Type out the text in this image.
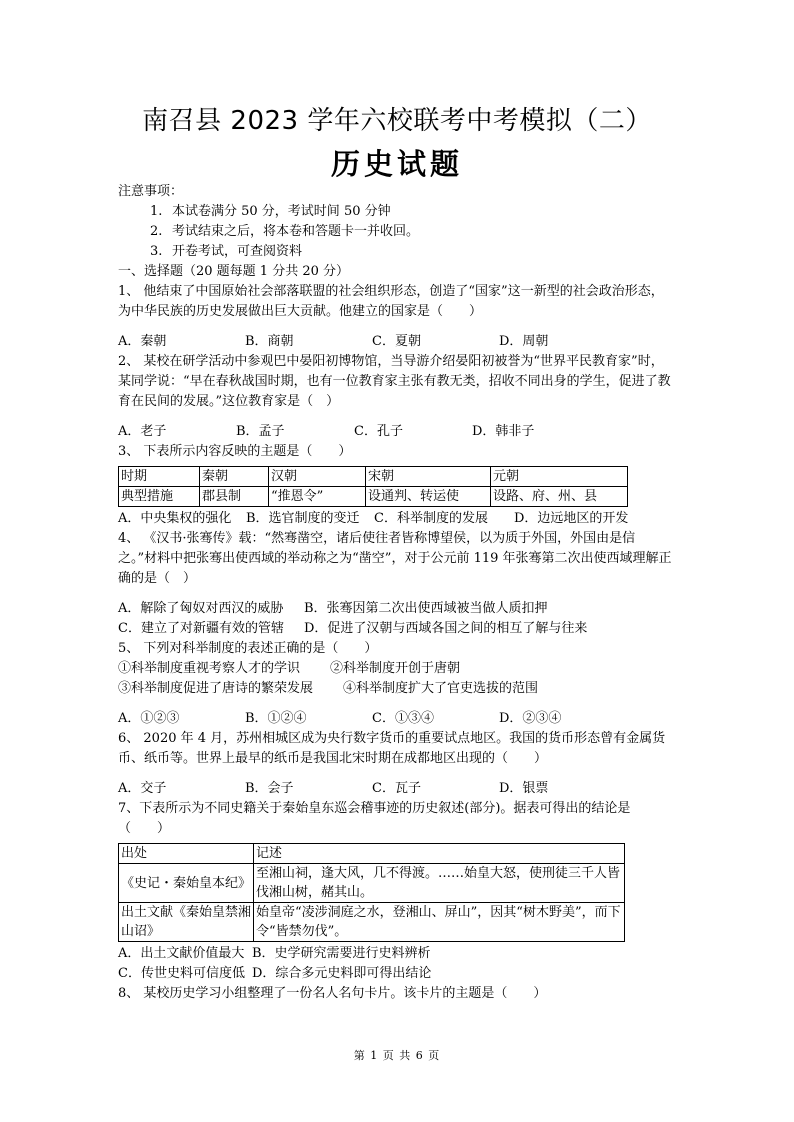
南召县 2023 学年六校联考中考模拟（二）
历史试题

注意事项：

1. 本试卷满分 50 分，考试时间 50 分钟

2. 考试结束之后，将本卷和答题卡一并收回。

3. 开卷考试，可查阅资料

一、选择题（20 题每题 1 分共 20 分）

1、 他结束了中国原始社会部落联盟的社会组织形态，创造了“国家”这一新型的社会政治形态，为中华民族的历史发展做出巨大贡献。他建立的国家是（　　）

A．秦朝	B．商朝	C．夏朝	D．周朝

2、 某校在研学活动中参观巴中晏阳初博物馆，当导游介绍晏阳初被誉为“世界平民教育家”时，某同学说：“早在春秋战国时期，也有一位教育家主张有教无类，招收不同出身的学生，促进了教育在民间的发展。”这位教育家是（　）

A．老子	B．孟子	C．孔子	D．韩非子

3、 下表所示内容反映的主题是（　　）

时期	秦朝	汉朝	宋朝	元朝
典型措施	郡县制	“推恩令”	设通判、转运使	设路、府、州、县
A．中央集权的强化	B．选官制度的变迁	C．科举制度的发展	D．边远地区的开发

4、 《汉书·张骞传》载：“然骞凿空，诸后使往者皆称博望侯，以为质于外国，外国由是信之。”材料中把张骞出使西域的举动称之为“凿空”，对于公元前 119 年张骞第二次出使西域理解正确的是（　）

A．解除了匈奴对西汉的威胁	B．张骞因第二次出使西域被当做人质扣押
C．建立了对新疆有效的管辖	D．促进了汉朝与西域各国之间的相互了解与往来

5、 下列对科举制度的表述正确的是（　　）

①科举制度重视考察人才的学识	②科举制度开创于唐朝
③科举制度促进了唐诗的繁荣发展	④科举制度扩大了官吏选拔的范围
A．①②③	B．①②④	C．①③④	D．②③④

6、 2020 年 4 月，苏州相城区成为央行数字货币的重要试点地区。我国的货币形态曾有金属货币、纸币等。世界上最早的纸币是我国北宋时期在成都地区出现的（　　）

A．交子	B．会子	C．瓦子	D．银票

7、下表所示为不同史籍关于秦始皇东巡会稽事迹的历史叙述(部分)。据表可得出的结论是（　　）

出处	记述
《史记・秦始皇本纪》	至湘山祠，逢大风，几不得渡。……始皇大怒，使刑徒三千人皆伐湘山树，赭其山。
出土文献《秦始皇禁湘山诏》	始皇帝“凌涉洞庭之水，登湘山、屏山”，因其“树木野美”，而下令“皆禁勿伐”。
A．出土文献价值最大 B．史学研究需要进行史料辨析
C．传世史料可信度低 D．综合多元史料即可得出结论

8、 某校历史学习小组整理了一份名人名句卡片。该卡片的主题是（　　）

第 1 页 共 6 页
